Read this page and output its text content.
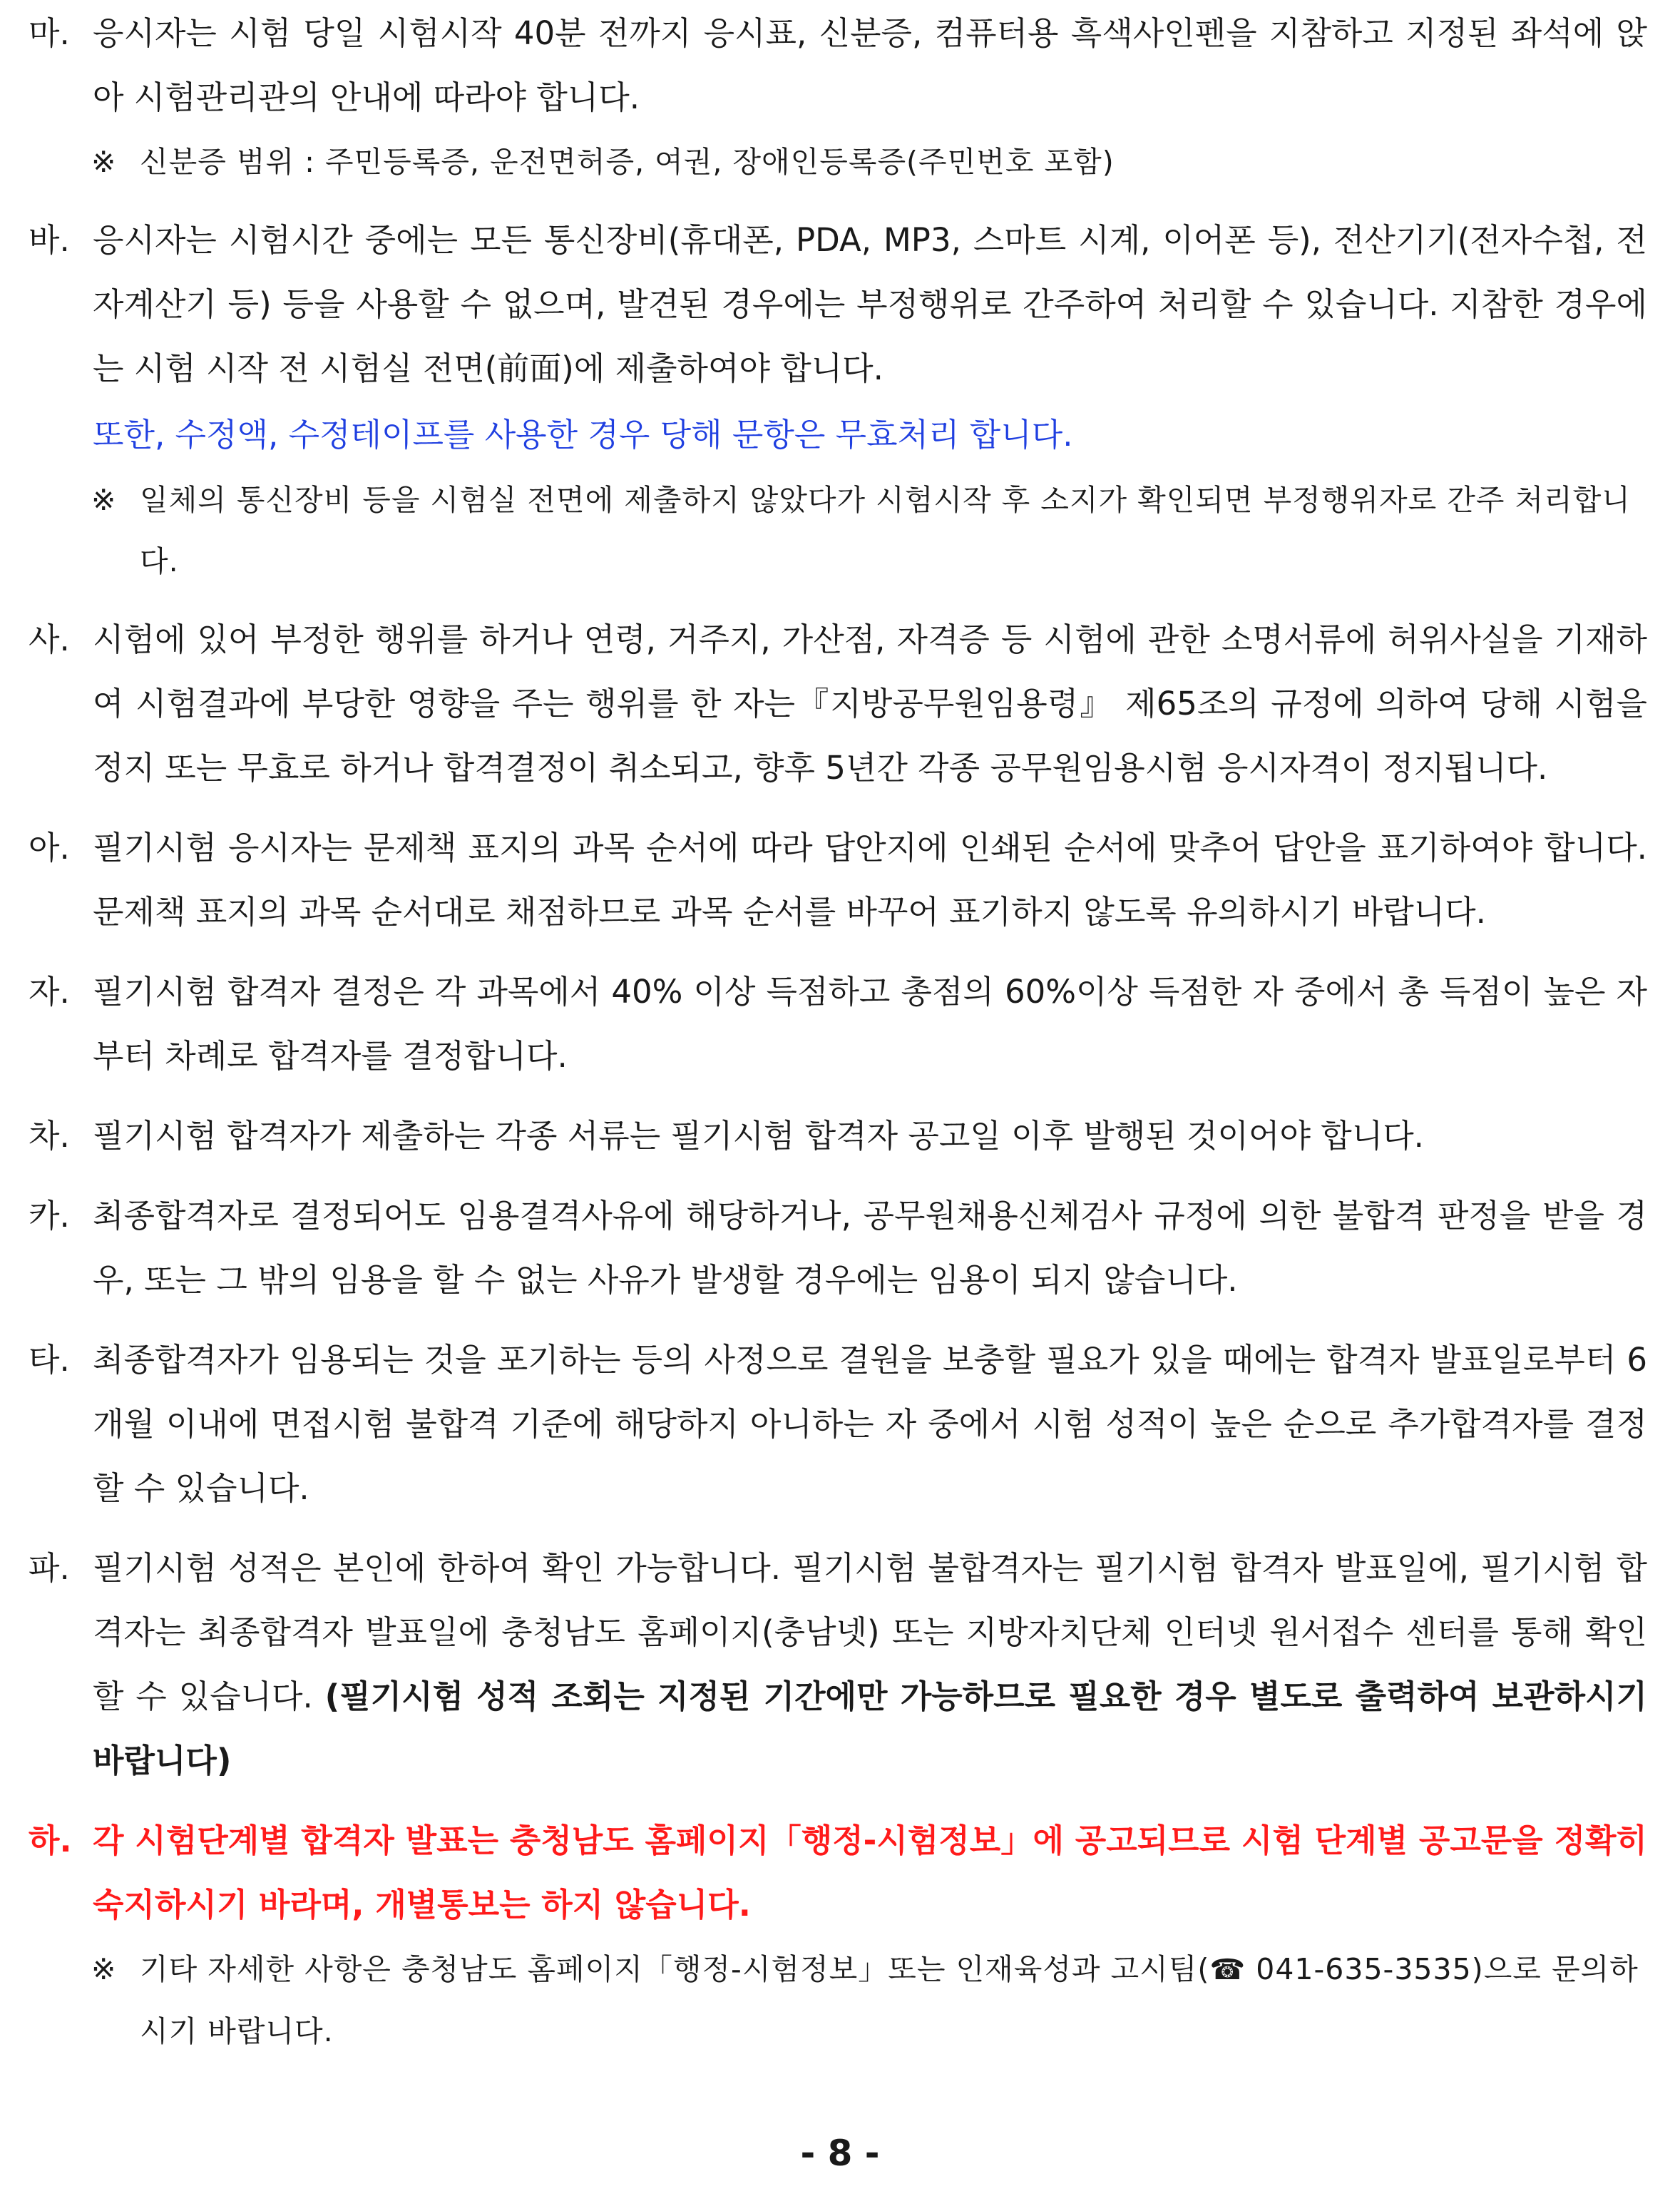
마. 응시자는 시험 당일 시험시작 40분 전까지 응시표, 신분증, 컴퓨터용 흑색사인펜을 지참하고 지정된 좌석에 앉아 시험관리관의 안내에 따라야 합니다.
※ 신분증 범위 : 주민등록증, 운전면허증, 여권, 장애인등록증(주민번호 포함)
바. 응시자는 시험시간 중에는 모든 통신장비(휴대폰, PDA, MP3, 스마트 시계, 이어폰 등), 전산기기(전자수첩, 전자계산기 등) 등을 사용할 수 없으며, 발견된 경우에는 부정행위로 간주하여 처리할 수 있습니다. 지참한 경우에는 시험 시작 전 시험실 전면(前面)에 제출하여야 합니다.
또한, 수정액, 수정테이프를 사용한 경우 당해 문항은 무효처리 합니다.
※ 일체의 통신장비 등을 시험실 전면에 제출하지 않았다가 시험시작 후 소지가 확인되면 부정행위자로 간주 처리합니다.
사. 시험에 있어 부정한 행위를 하거나 연령, 거주지, 가산점, 자격증 등 시험에 관한 소명서류에 허위사실을 기재하여 시험결과에 부당한 영향을 주는 행위를 한 자는『지방공무원임용령』 제65조의 규정에 의하여 당해 시험을 정지 또는 무효로 하거나 합격결정이 취소되고, 향후 5년간 각종 공무원임용시험 응시자격이 정지됩니다.
아. 필기시험 응시자는 문제책 표지의 과목 순서에 따라 답안지에 인쇄된 순서에 맞추어 답안을 표기하여야 합니다. 문제책 표지의 과목 순서대로 채점하므로 과목 순서를 바꾸어 표기하지 않도록 유의하시기 바랍니다.
자. 필기시험 합격자 결정은 각 과목에서 40% 이상 득점하고 총점의 60%이상 득점한 자 중에서 총 득점이 높은 자부터 차례로 합격자를 결정합니다.
차. 필기시험 합격자가 제출하는 각종 서류는 필기시험 합격자 공고일 이후 발행된 것이어야 합니다.
카. 최종합격자로 결정되어도 임용결격사유에 해당하거나, 공무원채용신체검사 규정에 의한 불합격 판정을 받을 경우, 또는 그 밖의 임용을 할 수 없는 사유가 발생할 경우에는 임용이 되지 않습니다.
타. 최종합격자가 임용되는 것을 포기하는 등의 사정으로 결원을 보충할 필요가 있을 때에는 합격자 발표일로부터 6개월 이내에 면접시험 불합격 기준에 해당하지 아니하는 자 중에서 시험 성적이 높은 순으로 추가합격자를 결정할 수 있습니다.
파. 필기시험 성적은 본인에 한하여 확인 가능합니다. 필기시험 불합격자는 필기시험 합격자 발표일에, 필기시험 합격자는 최종합격자 발표일에 충청남도 홈페이지(충남넷) 또는 지방자치단체 인터넷 원서접수 센터를 통해 확인할 수 있습니다. (필기시험 성적 조회는 지정된 기간에만 가능하므로 필요한 경우 별도로 출력하여 보관하시기 바랍니다)
하. 각 시험단계별 합격자 발표는 충청남도 홈페이지「행정-시험정보」에 공고되므로 시험 단계별 공고문을 정확히 숙지하시기 바라며, 개별통보는 하지 않습니다.
※ 기타 자세한 사항은 충청남도 홈페이지「행정-시험정보」또는 인재육성과 고시팀(☎ 041-635-3535)으로 문의하시기 바랍니다.
- 8 -
